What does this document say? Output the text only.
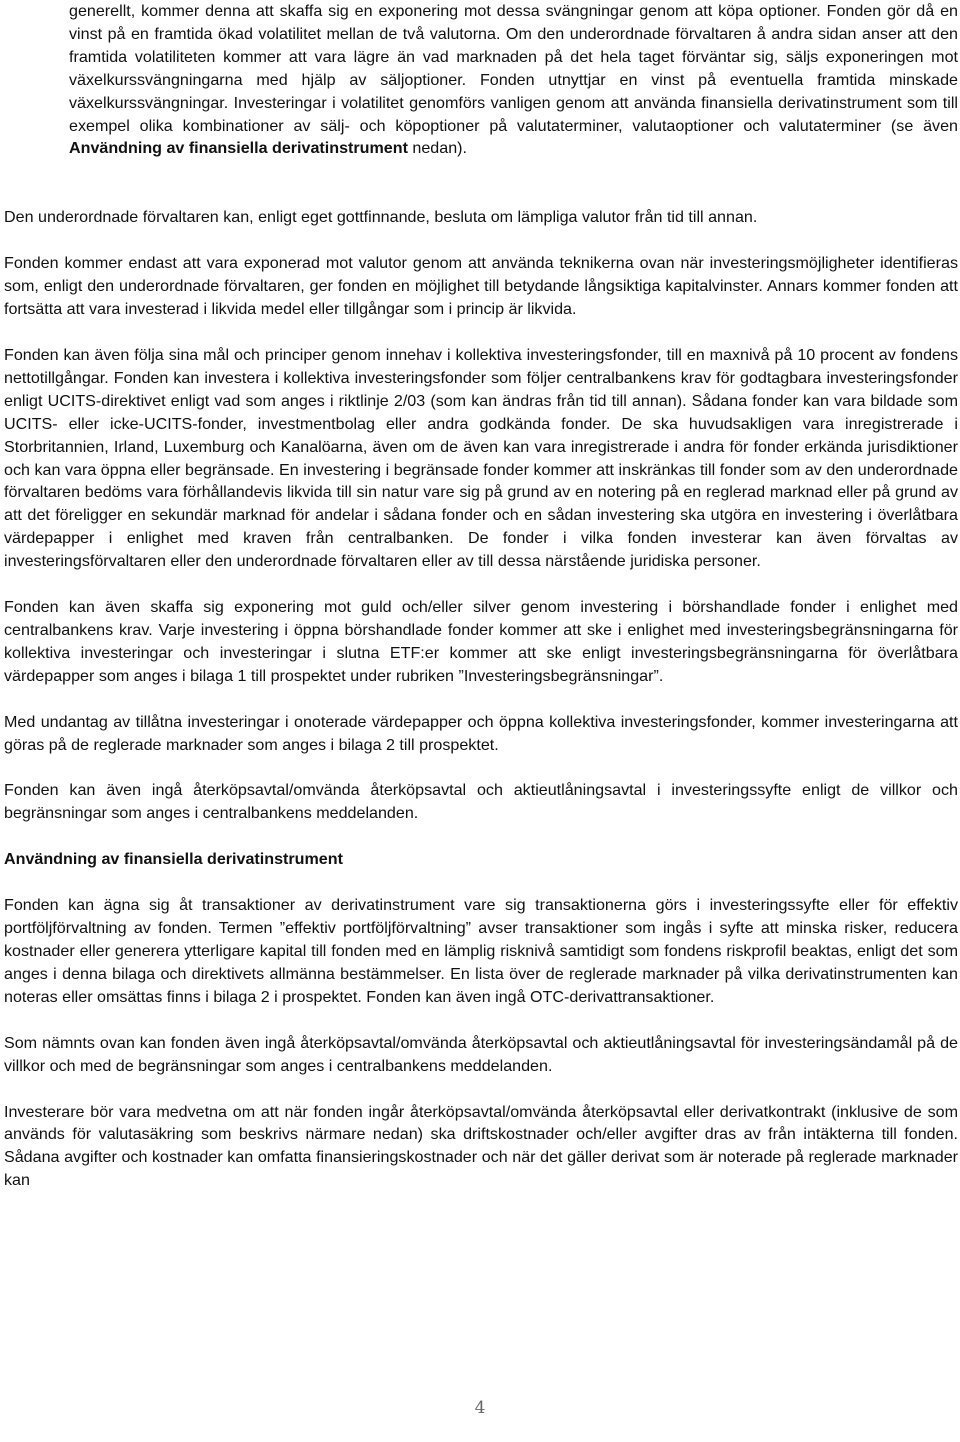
generellt, kommer denna att skaffa sig en exponering mot dessa svängningar genom att köpa optioner. Fonden gör då en vinst på en framtida ökad volatilitet mellan de två valutorna. Om den underordnade förvaltaren å andra sidan anser att den framtida volatiliteten kommer att vara lägre än vad marknaden på det hela taget förväntar sig, säljs exponeringen mot växelkurssvängningarna med hjälp av säljoptioner. Fonden utnyttjar en vinst på eventuella framtida minskade växelkurssvängningar. Investeringar i volatilitet genomförs vanligen genom att använda finansiella derivatinstrument som till exempel olika kombinationer av sälj- och köpoptioner på valutaterminer, valutaoptioner och valutaterminer (se även Användning av finansiella derivatinstrument nedan).

Den underordnade förvaltaren kan, enligt eget gottfinnande, besluta om lämpliga valutor från tid till annan.

Fonden kommer endast att vara exponerad mot valutor genom att använda teknikerna ovan när investeringsmöjligheter identifieras som, enligt den underordnade förvaltaren, ger fonden en möjlighet till betydande långsiktiga kapitalvinster. Annars kommer fonden att fortsätta att vara investerad i likvida medel eller tillgångar som i princip är likvida.

Fonden kan även följa sina mål och principer genom innehav i kollektiva investeringsfonder, till en maxnivå på 10 procent av fondens nettotillgångar. Fonden kan investera i kollektiva investeringsfonder som följer centralbankens krav för godtagbara investeringsfonder enligt UCITS-direktivet enligt vad som anges i riktlinje 2/03 (som kan ändras från tid till annan). Sådana fonder kan vara bildade som UCITS- eller icke-UCITS-fonder, investmentbolag eller andra godkända fonder. De ska huvudsakligen vara inregistrerade i Storbritannien, Irland, Luxemburg och Kanalöarna, även om de även kan vara inregistrerade i andra för fonder erkända jurisdiktioner och kan vara öppna eller begränsade. En investering i begränsade fonder kommer att inskränkas till fonder som av den underordnade förvaltaren bedöms vara förhållandevis likvida till sin natur vare sig på grund av en notering på en reglerad marknad eller på grund av att det föreligger en sekundär marknad för andelar i sådana fonder och en sådan investering ska utgöra en investering i överlåtbara värdepapper i enlighet med kraven från centralbanken. De fonder i vilka fonden investerar kan även förvaltas av investeringsförvaltaren eller den underordnade förvaltaren eller av till dessa närstående juridiska personer.

Fonden kan även skaffa sig exponering mot guld och/eller silver genom investering i börshandlade fonder i enlighet med centralbankens krav. Varje investering i öppna börshandlade fonder kommer att ske i enlighet med investeringsbegränsningarna för kollektiva investeringar och investeringar i slutna ETF:er kommer att ske enligt investeringsbegränsningarna för överlåtbara värdepapper som anges i bilaga 1 till prospektet under rubriken ”Investeringsbegränsningar”.

Med undantag av tillåtna investeringar i onoterade värdepapper och öppna kollektiva investeringsfonder, kommer investeringarna att göras på de reglerade marknader som anges i bilaga 2 till prospektet.

Fonden kan även ingå återköpsavtal/omvända återköpsavtal och aktieutlåningsavtal i investeringssyfte enligt de villkor och begränsningar som anges i centralbankens meddelanden.

Användning av finansiella derivatinstrument

Fonden kan ägna sig åt transaktioner av derivatinstrument vare sig transaktionerna görs i investeringssyfte eller för effektiv portföljförvaltning av fonden. Termen ”effektiv portföljförvaltning” avser transaktioner som ingås i syfte att minska risker, reducera kostnader eller generera ytterligare kapital till fonden med en lämplig risknivå samtidigt som fondens riskprofil beaktas, enligt det som anges i denna bilaga och direktivets allmänna bestämmelser. En lista över de reglerade marknader på vilka derivatinstrumenten kan noteras eller omsättas finns i bilaga 2 i prospektet. Fonden kan även ingå OTC-derivattransaktioner.

Som nämnts ovan kan fonden även ingå återköpsavtal/omvända återköpsavtal och aktieutlåningsavtal för investeringsändamål på de villkor och med de begränsningar som anges i centralbankens meddelanden.

Investerare bör vara medvetna om att när fonden ingår återköpsavtal/omvända återköpsavtal eller derivatkontrakt (inklusive de som används för valutasäkring som beskrivs närmare nedan) ska driftskostnader och/eller avgifter dras av från intäkterna till fonden. Sådana avgifter och kostnader kan omfatta finansieringskostnader och när det gäller derivat som är noterade på reglerade marknader kan

4
